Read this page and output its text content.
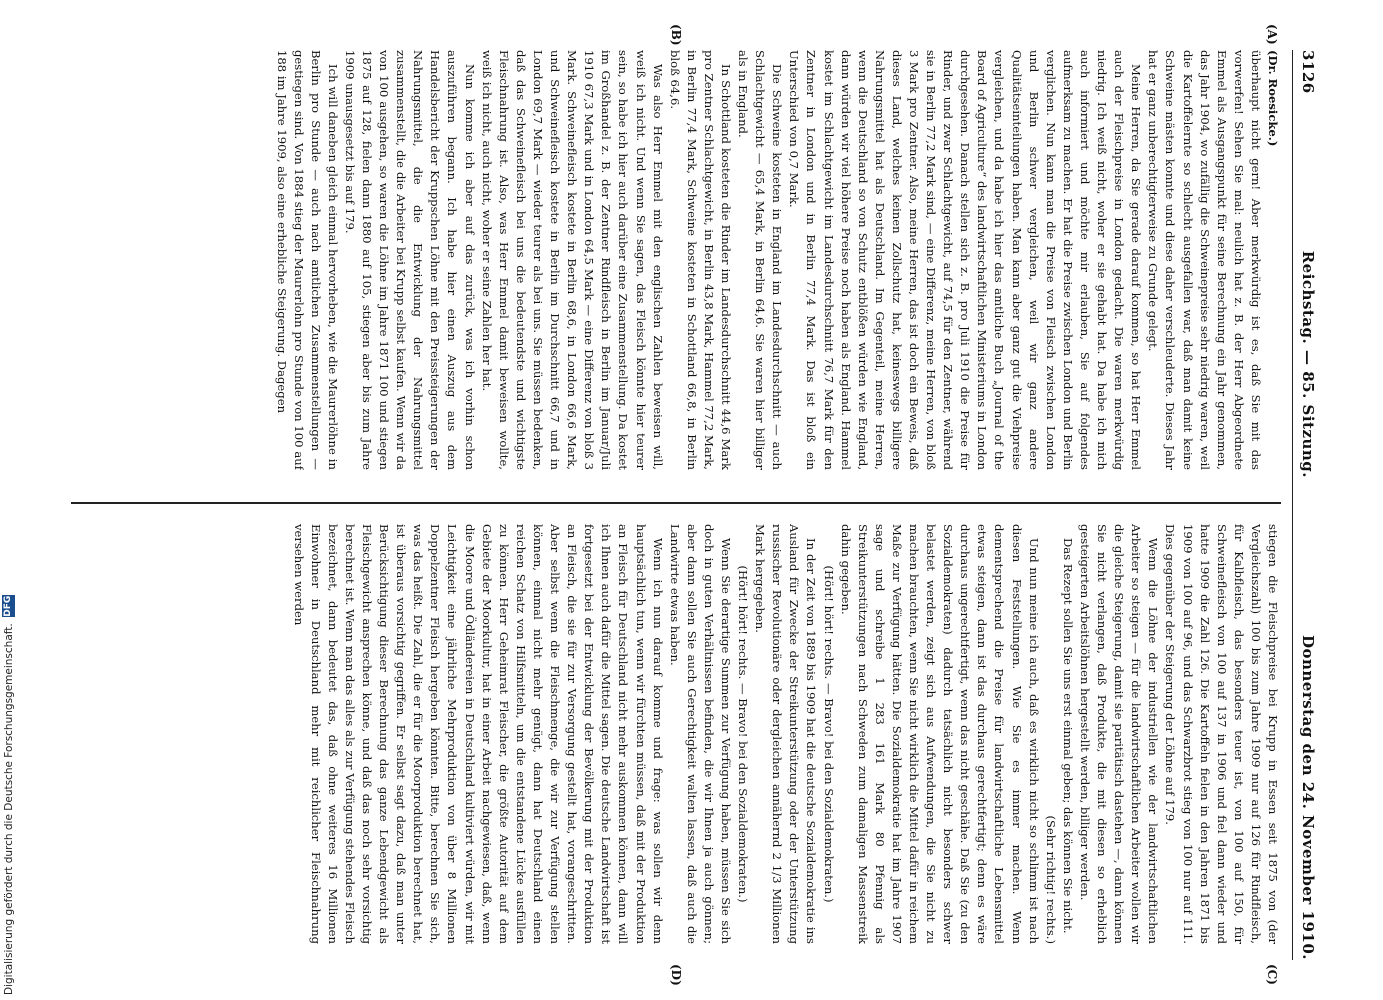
3126
Reichstag. — 85. Sitzung.
Donnerstag den 24. November 1910.
(A)
(B)
(C)
(D)

(Dr. Roesicke.)

überhaupt nicht gern! Aber merkwürdig ist es, daß Sie mit das vorwerfen! Sehen Sie mal: neulich hat z. B. der Herr Abgeordnete Emmel als Ausgangspunkt für seine Berechnung ein Jahr genommen, das Jahr 1904, wo zufällig die Schweinepreise sehr niedrig waren, weil die Kartoffelernte so schlecht ausgefallen war, daß man damit keine Schweine mästen konnte und diese daher verschleuderte. Dieses Jahr hat er ganz unberechtigterweise zu Grunde gelegt.

Meine Herren, da Sie gerade darauf kommen, so hat Herr Emmel auch der Fleischpreise in London gedacht. Die waren merkwürdig niedrig. Ich weiß nicht, woher er sie gehabt hat. Da habe ich mich auch informiert und möchte mir erlauben, Sie auf folgendes aufmerksam zu machen. Er hat die Preise zwischen London und Berlin verglichen. Nun kann man die Preise von Fleisch zwischen London und Berlin schwer vergleichen, weil wir ganz andere Qualitätseinteilungen haben. Man kann aber ganz gut die Viehpreise vergleichen, und da habe ich hier das amtliche Buch „Journal of the Board of Agriculture“ des landwirtschaftlichen Ministeriums in London durchgesehen. Danach stellen sich z. B. pro Juli 1910 die Preise für Rinder, und zwar Schlachtgewicht, auf 74,5 für den Zentner, während sie in Berlin 77,2 Mark sind, — eine Differenz, meine Herren, von bloß 3 Mark pro Zentner. Also, meine Herren, das ist doch ein Beweis, daß dieses Land, welches keinen Zollschutz hat, keineswegs billigere Nahrungsmittel hat als Deutschland. Im Gegenteil, meine Herren, wenn die Deutschland so von Schutz entblößen würden wie England, dann würden wir viel höhere Preise noch haben als England. Hammel kostet im Schlachtgewicht im Landesdurchschnitt 76,7 Mark für den Zentner in London und in Berlin 77,4 Mark. Das ist bloß ein Unterschied von 0,7 Mark.

Die Schweine kosteten in England im Landesdurchschnitt — auch Schlachtgewicht — 65,4 Mark, in Berlin 64,6. Sie waren hier billiger als in England.

In Schottland kosteten die Rinder im Landesdurchschnitt 44,6 Mark pro Zentner Schlachtgewicht, in Berlin 43,8 Mark, Hammel 77,2 Mark, in Berlin 77,4 Mark, Schweine kosteten in Schottland 66,8, in Berlin bloß 64,6.

Was also Herr Emmel mit den englischen Zahlen beweisen will, weiß ich nicht. Und wenn Sie sagen, das Fleisch könnte hier teurer sein, so habe ich hier auch darüber eine Zusammenstellung. Da kostet im Großhandel z. B. der Zentner Rindfleisch in Berlin im Januar/Juli 1910 67,3 Mark und in London 64,5 Mark — eine Differenz von bloß 3 Mark. Schweinefleisch kostete in Berlin 68,6, in London 66,6 Mark, und Schweinefleisch kostete in Berlin im Durchschnitt 66,7 und in London 69,7 Mark — wieder teurer als bei uns. Sie müssen bedenken, daß das Schweinefleisch bei uns die bedeutendste und wichtigste Fleischnahrung ist. Also, was Herr Emmel damit beweisen wollte, weiß ich nicht, auch nicht, woher er seine Zahlen her hat.

Nun komme ich aber auf das zurück, was ich vorhin schon auszuführen begann. Ich habe hier einen Auszug aus dem Handelsbericht der Kruppschen Löhne mit den Preissteigerungen der Nahrungsmittel, die die Entwicklung der Nahrungsmittel zusammenstellt, die die Arbeiter bei Krupp selbst kaufen. Wenn wir da von 100 ausgehen, so waren die Löhne im Jahre 1871 100 und stiegen 1875 auf 128, fielen dann 1880 auf 105, stiegen aber bis zum Jahre 1909 unausgesetzt bis auf 179.

Ich will daneben gleich einmal hervorheben, wie die Maurerlöhne in Berlin pro Stunde — auch nach amtlichen Zusammenstellungen — gestiegen sind. Von 1884 stieg der Maurerlohn pro Stunde von 100 auf 188 im Jahre 1909, also eine erhebliche Steigerung. Dagegen

stiegen die Fleischpreise bei Krupp in Essen seit 1875 von (der Vergleichszahl) 100 bis zum Jahre 1909 nur auf 126 für Rindfleisch, für Kalbfleisch, das besonders teuer ist, von 100 auf 150, für Schweinefleisch von 100 auf 137 in 1906 und fiel dann wieder und hatte 1909 die Zahl 126. Die Kartoffeln fielen in den Jahren 1871 bis 1909 von 100 auf 96, und das Schwarzbrot stieg von 100 nur auf 111. Dies gegenüber der Steigerung der Löhne auf 179.

Wenn die Löhne der industriellen wie der landwirtschaftlichen Arbeiter so steigen — für die landwirtschaftlichen Arbeiter wollen wir die gleiche Steigerung, damit sie paritätisch dastehen —, dann können Sie nicht verlangen, daß Produkte, die mit diesen so erheblich gesteigerten Arbeitslöhnen hergestellt werden, billiger werden.

Das Rezept sollen Sie uns erst einmal geben; das können Sie nicht.

(Sehr richtig! rechts.)

Und nun meine ich auch, daß es wirklich nicht so schlimm ist nach diesen Feststellungen. Wie Sie es immer machen. Wenn dementsprechend die Preise für landwirtschaftliche Lebensmittel etwas steigen, dann ist das durchaus gerechtfertigt; denn es wäre durchaus ungerechtfertigt, wenn das nicht geschähe. Daß Sie (zu den Sozialdemokraten) dadurch tatsächlich nicht besonders schwer belastet werden, zeigt sich aus Aufwendungen, die Sie nicht zu machen brauchten, wenn Sie nicht wirklich die Mittel dafür in reichem Maße zur Verfügung hätten. Die Sozialdemokratie hat im Jahre 1907 sage und schreibe 1 283 161 Mark 80 Pfennig als Streikunterstützungen nach Schweden zum damaligen Massenstreik dahin gegeben.

(Hört! hört! rechts. — Bravo! bei den Sozialdemokraten.)

In der Zeit von 1889 bis 1909 hat die deutsche Sozialdemokratie ins Ausland für Zwecke der Streikunterstützung oder der Unterstützung russischer Revolutionäre oder dergleichen annähernd 2 1/3 Millionen Mark hergegeben.

(Hört! hört! rechts. — Bravo! bei den Sozialdemokraten.)

Wenn Sie derartige Summen zur Verfügung haben, müssen Sie sich doch in guten Verhältnissen befinden, die wir Ihnen ja auch gönnen; aber dann sollen Sie auch Gerechtigkeit walten lassen, daß auch die Landwirte etwas haben.

Wenn ich nun darauf komme und frage: was sollen wir denn hauptsächlich tun, wenn wir fürchten müssen, daß mit der Produktion an Fleisch für Deutschland nicht mehr auskommen können, dann will ich Ihnen auch dafür die Mittel sagen. Die deutsche Landwirtschaft ist fortgesetzt bei der Entwicklung der Bevölkerung mit der Produktion an Fleisch, die sie für zur Versorgung gestellt hat, vorangeschritten. Aber selbst wenn die Fleischmenge, die wir zur Verfügung stellen können, einmal nicht mehr genügt, dann hat Deutschland einen reichen Schatz von Hilfsmitteln, um die entstandene Lücke ausfüllen zu können. Herr Geheimrat Fleischer, die größte Autorität auf dem Gebiete der Moorkultur, hat in einer Arbeit nachgewiesen, daß, wenn die Moore und Ödländereien in Deutschland kultiviert würden, wir mit Leichtigkeit eine jährliche Mehrproduktion von über 8 Millionen Doppelzentner Fleisch hergeben könnten. Bitte, berechnen Sie sich, was das heißt. Die Zahl, die er für die Moorproduktion berechnet hat, ist überaus vorsichtig gegriffen. Er selbst sagt dazu, daß man unter Berücksichtigung dieser Berechnung das ganze Lebendgewicht als Fleischgewicht ansprechen könne, und daß das noch sehr vorsichtig berechnet ist. Wenn man das alles als zur Verfügung stehendes Fleisch bezeichnet, dann bedeutet das, daß ohne weiteres 16 Millionen Einwohner in Deutschland mehr mit reichlicher Fleischnahrung versehen werden

Digitalisierung gefördert durch die Deutsche Forschungsgemeinschaft.
DFG
